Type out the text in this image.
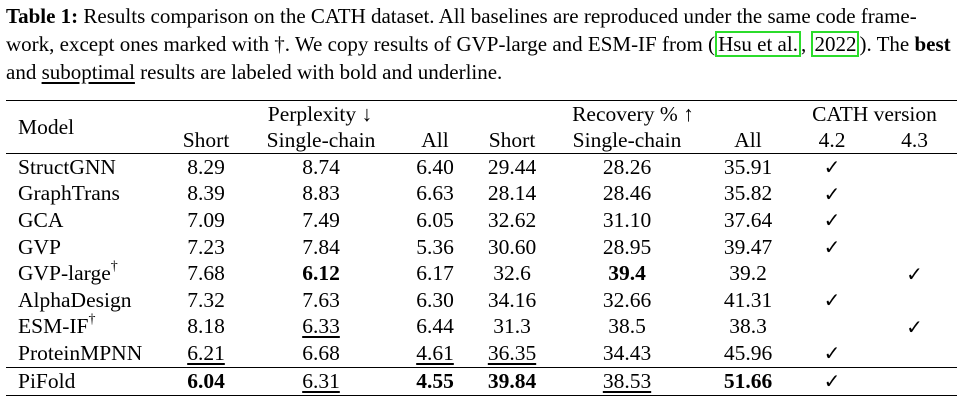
Table 1: Results comparison on the CATH dataset. All baselines are reproduced under the same code frame-work, except ones marked with †. We copy results of GVP-large and ESM-IF from ( Hsu et al. , 2022 ). The best and suboptimal results are labeled with bold and underline.
Model	Perplexity ↓			Recovery % ↑			CATH version	
	Short	Single-chain	All	Short	Single-chain	All	4.2	4.3
StructGNN	8.29	8.74	6.40	29.44	28.26	35.91	✓	
GraphTrans	8.39	8.83	6.63	28.14	28.46	35.82	✓	
GCA	7.09	7.49	6.05	32.62	31.10	37.64	✓	
GVP	7.23	7.84	5.36	30.60	28.95	39.47	✓	
GVP-large†	7.68	6.12	6.17	32.6	39.4	39.2		✓
AlphaDesign	7.32	7.63	6.30	34.16	32.66	41.31	✓	
ESM-IF†	8.18	6.33	6.44	31.3	38.5	38.3		✓
ProteinMPNN	6.21	6.68	4.61	36.35	34.43	45.96	✓	
PiFold	6.04	6.31	4.55	39.84	38.53	51.66	✓	
